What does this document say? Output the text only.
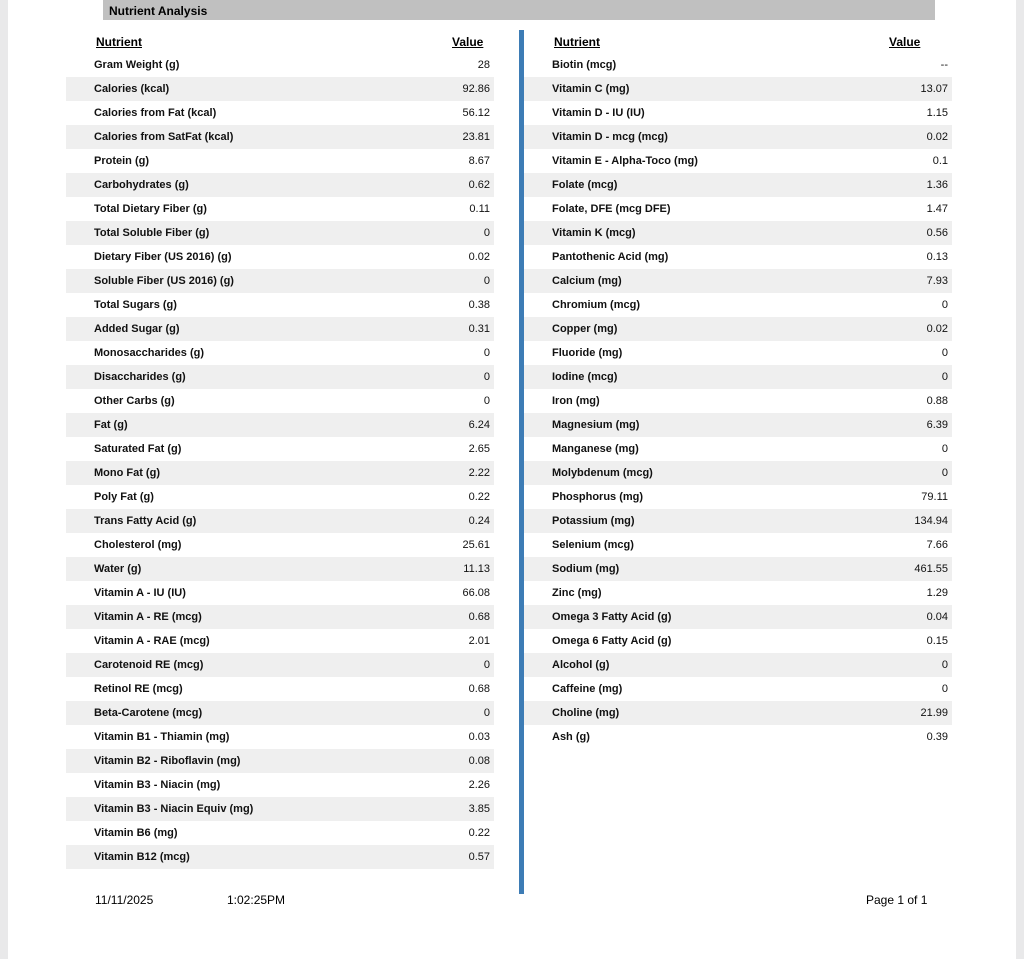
Nutrient Analysis
Nutrient	Value	Nutrient	Value
11/11/2025	1:02:25PM	Page 1 of 1
Gram Weight (g)	28
Calories (kcal)	92.86
Calories from Fat (kcal)	56.12
Calories from SatFat (kcal)	23.81
Protein (g)	8.67
Carbohydrates (g)	0.62
Total Dietary Fiber (g)	0.11
Total Soluble Fiber (g)	0
Dietary Fiber (US 2016) (g)	0.02
Soluble Fiber (US 2016) (g)	0
Total Sugars (g)	0.38
Added Sugar (g)	0.31
Monosaccharides (g)	0
Disaccharides (g)	0
Other Carbs (g)	0
Fat (g)	6.24
Saturated Fat (g)	2.65
Mono Fat (g)	2.22
Poly Fat (g)	0.22
Trans Fatty Acid (g)	0.24
Cholesterol (mg)	25.61
Water (g)	11.13
Vitamin A - IU (IU)	66.08
Vitamin A - RE (mcg)	0.68
Vitamin A - RAE (mcg)	2.01
Carotenoid RE (mcg)	0
Retinol RE (mcg)	0.68
Beta-Carotene (mcg)	0
Vitamin B1 - Thiamin (mg)	0.03
Vitamin B2 - Riboflavin (mg)	0.08
Vitamin B3 - Niacin (mg)	2.26
Vitamin B3 - Niacin Equiv (mg)	3.85
Vitamin B6 (mg)	0.22
Vitamin B12 (mcg)	0.57
Biotin (mcg)	--
Vitamin C (mg)	13.07
Vitamin D - IU (IU)	1.15
Vitamin D - mcg (mcg)	0.02
Vitamin E - Alpha-Toco (mg)	0.1
Folate (mcg)	1.36
Folate, DFE (mcg DFE)	1.47
Vitamin K (mcg)	0.56
Pantothenic Acid (mg)	0.13
Calcium (mg)	7.93
Chromium (mcg)	0
Copper (mg)	0.02
Fluoride (mg)	0
Iodine (mcg)	0
Iron (mg)	0.88
Magnesium (mg)	6.39
Manganese (mg)	0
Molybdenum (mcg)	0
Phosphorus (mg)	79.11
Potassium (mg)	134.94
Selenium (mcg)	7.66
Sodium (mg)	461.55
Zinc (mg)	1.29
Omega 3 Fatty Acid (g)	0.04
Omega 6 Fatty Acid (g)	0.15
Alcohol (g)	0
Caffeine (mg)	0
Choline (mg)	21.99
Ash (g)	0.39
